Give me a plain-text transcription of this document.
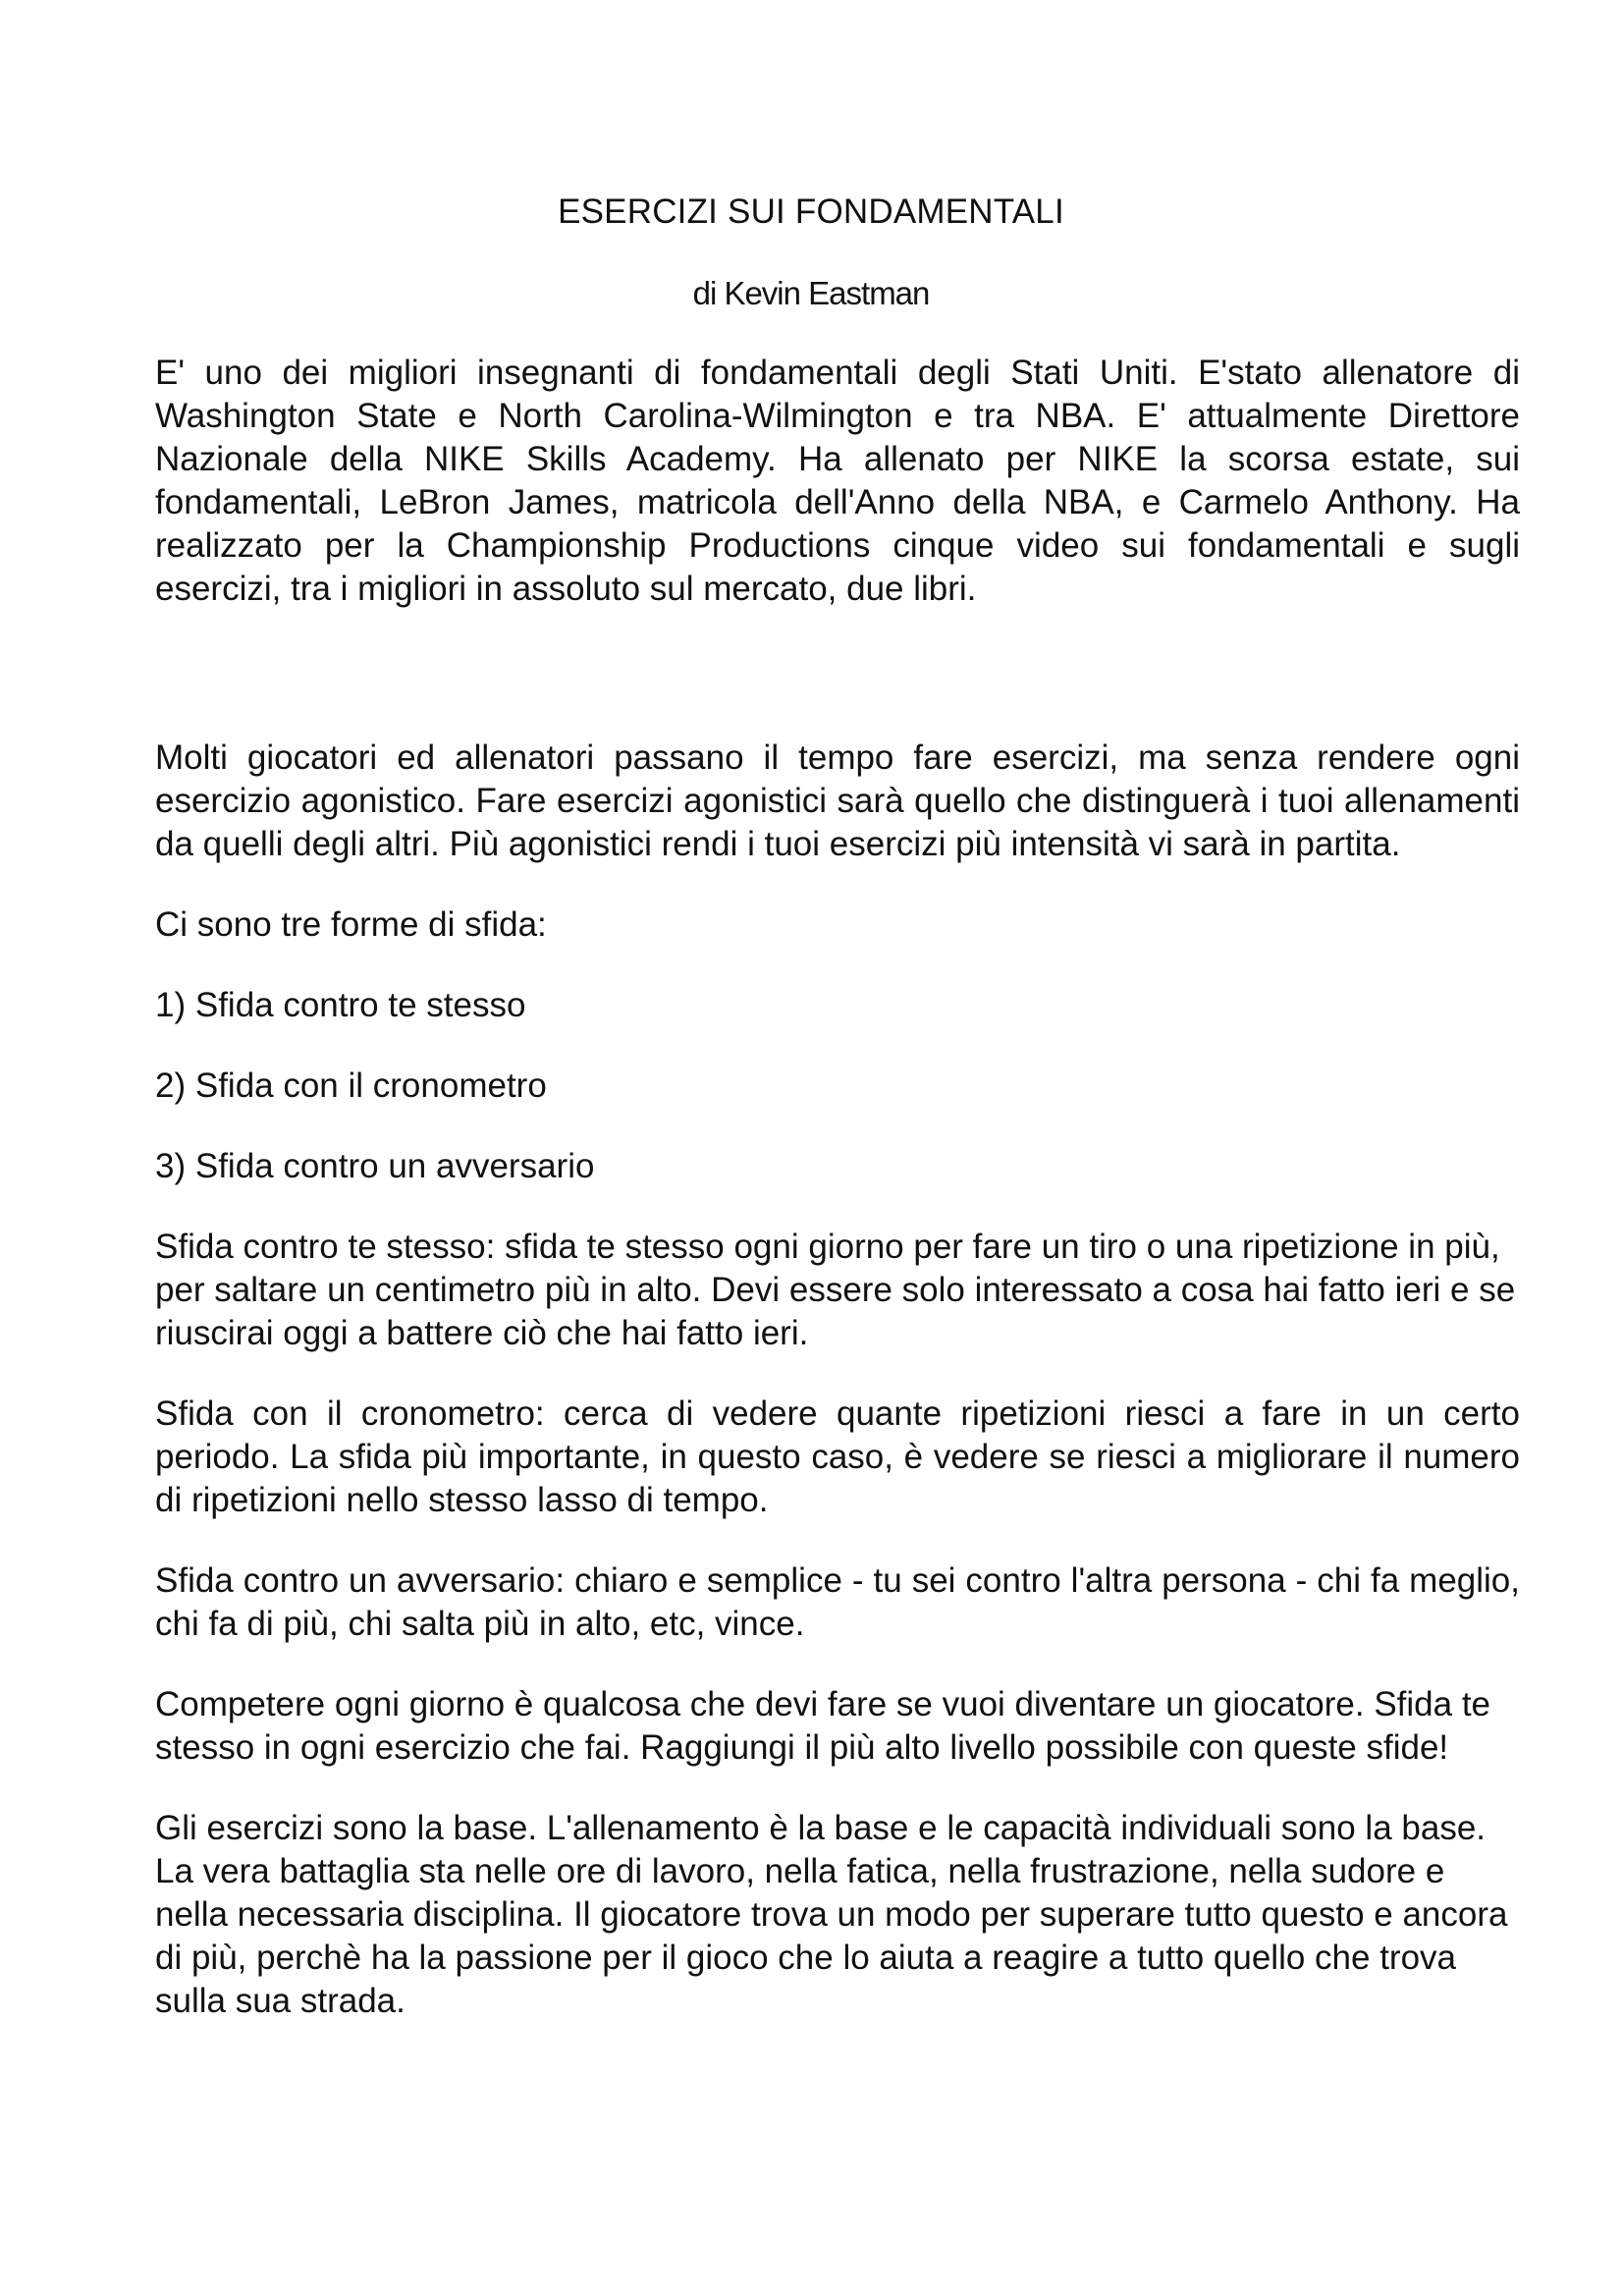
ESERCIZI SUI FONDAMENTALI
di Kevin Eastman

E' uno dei migliori insegnanti di fondamentali degli Stati Uniti. E'stato allenatore di Washington State e North Carolina-Wilmington e tra NBA. E' attualmente Direttore Nazionale della NIKE Skills Academy. Ha allenato per NIKE la scorsa estate, sui fondamentali, LeBron James, matricola dell'Anno della NBA, e Carmelo Anthony. Ha realizzato per la Championship Productions cinque video sui fondamentali e sugli esercizi, tra i migliori in assoluto sul mercato, due libri.

Molti giocatori ed allenatori passano il tempo fare esercizi, ma senza rendere ogni esercizio agonistico. Fare esercizi agonistici sarà quello che distinguerà i tuoi allenamenti da quelli degli altri. Più agonistici rendi i tuoi esercizi più intensità vi sarà in partita.

Ci sono tre forme di sfida:

1) Sfida contro te stesso

2) Sfida con il cronometro

3) Sfida contro un avversario

Sfida contro te stesso: sfida te stesso ogni giorno per fare un tiro o una ripetizione in più, per saltare un centimetro più in alto. Devi essere solo interessato a cosa hai fatto ieri e se riuscirai oggi a battere ciò che hai fatto ieri.

Sfida con il cronometro: cerca di vedere quante ripetizioni riesci a fare in un certo periodo. La sfida più importante, in questo caso, è vedere se riesci a migliorare il numero di ripetizioni nello stesso lasso di tempo.

Sfida contro un avversario: chiaro e semplice - tu sei contro l'altra persona - chi fa meglio, chi fa di più, chi salta più in alto, etc, vince.

Competere ogni giorno è qualcosa che devi fare se vuoi diventare un giocatore. Sfida te stesso in ogni esercizio che fai. Raggiungi il più alto livello possibile con queste sfide!

Gli esercizi sono la base. L'allenamento è la base e le capacità individuali sono la base. La vera battaglia sta nelle ore di lavoro, nella fatica, nella frustrazione, nella sudore e nella necessaria disciplina. Il giocatore trova un modo per superare tutto questo e ancora di più, perchè ha la passione per il gioco che lo aiuta a reagire a tutto quello che trova sulla sua strada.
